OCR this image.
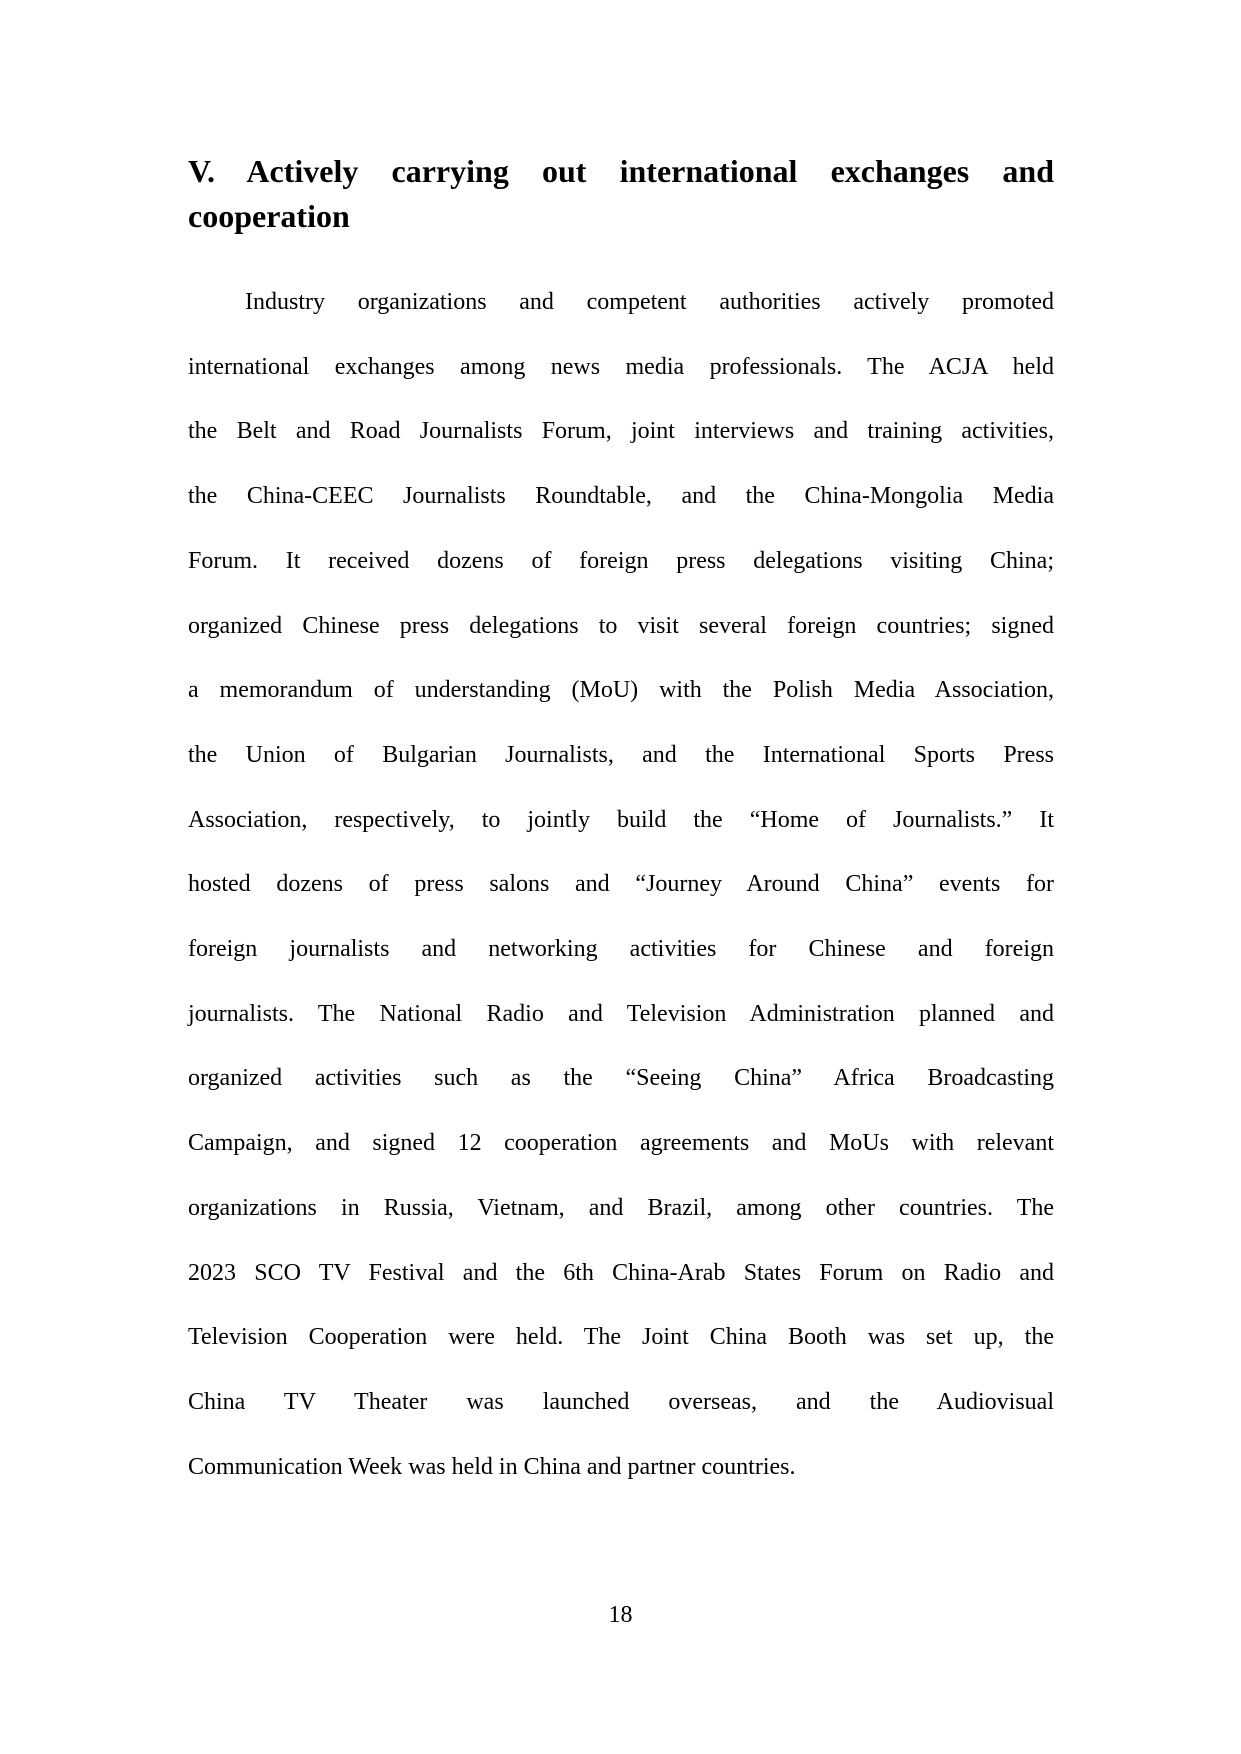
V. Actively carrying out international exchanges and
cooperation
Industry organizations and competent authorities actively promoted
international exchanges among news media professionals. The ACJA held
the Belt and Road Journalists Forum, joint interviews and training activities,
the China-CEEC Journalists Roundtable, and the China-Mongolia Media
Forum. It received dozens of foreign press delegations visiting China;
organized Chinese press delegations to visit several foreign countries; signed
a memorandum of understanding (MoU) with the Polish Media Association,
the Union of Bulgarian Journalists, and the International Sports Press
Association, respectively, to jointly build the “Home of Journalists.” It
hosted dozens of press salons and “Journey Around China” events for
foreign journalists and networking activities for Chinese and foreign
journalists. The National Radio and Television Administration planned and
organized activities such as the “Seeing China” Africa Broadcasting
Campaign, and signed 12 cooperation agreements and MoUs with relevant
organizations in Russia, Vietnam, and Brazil, among other countries. The
2023 SCO TV Festival and the 6th China-Arab States Forum on Radio and
Television Cooperation were held. The Joint China Booth was set up, the
China TV Theater was launched overseas, and the Audiovisual
Communication Week was held in China and partner countries.
18
